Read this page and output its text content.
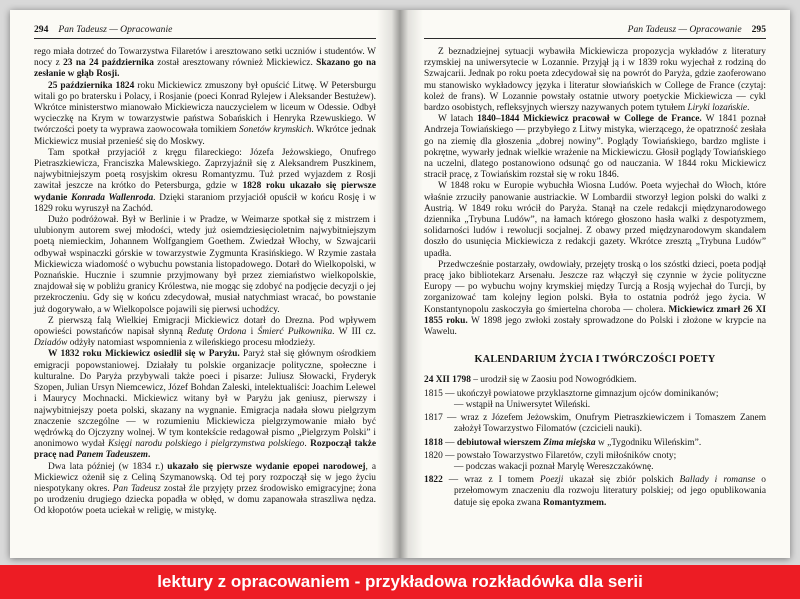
294 Pan Tadeusz — Opracowanie

rego miała dotrzeć do Towarzystwa Filaretów i aresztowano setki uczniów i studentów. W nocy z 23 na 24 października został aresztowany również Mickiewicz. Skazano go na zesłanie w głąb Rosji.

25 października 1824 roku Mickiewicz zmuszony był opuścić Litwę. W Petersburgu witali go po bratersku i Polacy, i Rosjanie (poeci Konrad Rylejew i Aleksander Bestużew). Wkrótce ministerstwo mianowało Mickiewicza nauczycielem w liceum w Odessie. Odbył wycieczkę na Krym w towarzystwie państwa Sobańskich i Henryka Rzewuskiego. W twórczości poety ta wyprawa zaowocowała tomikiem Sonetów krymskich. Wkrótce jednak Mickiewicz musiał przenieść się do Moskwy.

Tam spotkał przyjaciół z kręgu filareckiego: Józefa Jeżowskiego, Onufrego Pietraszkiewicza, Franciszka Malewskiego. Zaprzyjaźnił się z Aleksandrem Puszkinem, najwybitniejszym poetą rosyjskim okresu Romantyzmu. Tuż przed wyjazdem z Rosji zawitał jeszcze na krótko do Petersburga, gdzie w 1828 roku ukazało się pierwsze wydanie Konrada Wallenroda. Dzięki staraniom przyjaciół opuścił w końcu Rosję i w 1829 roku wyruszył na Zachód.

Dużo podróżował. Był w Berlinie i w Pradze, w Weimarze spotkał się z mistrzem i ulubionym autorem swej młodości, wtedy już osiemdziesięcioletnim najwybitniejszym poetą niemieckim, Johannem Wolfgangiem Goethem. Zwiedzał Włochy, w Szwajcarii odbywał wspinaczki górskie w towarzystwie Zygmunta Krasińskiego. W Rzymie zastała Mickiewicza wiadomość o wybuchu powstania listopadowego. Dotarł do Wielkopolski, w Poznańskie. Hucznie i szumnie przyjmowany był przez ziemiaństwo wielkopolskie, znajdował się w pobliżu granicy Królestwa, nie mogąc się zdobyć na podjęcie decyzji o jej przekroczeniu. Gdy się w końcu zdecydował, musiał natychmiast wracać, bo powstanie już dogorywało, a w Wielkopolsce pojawili się pierwsi uchodźcy.

Z pierwszą falą Wielkiej Emigracji Mickiewicz dotarł do Drezna. Pod wpływem opowieści powstańców napisał słynną Redutę Ordona i Śmierć Pułkownika. W III cz. Dziadów odżyły natomiast wspomnienia z wileńskiego procesu młodzieży.

W 1832 roku Mickiewicz osiedlił się w Paryżu. Paryż stał się głównym ośrodkiem emigracji popowstaniowej. Działały tu polskie organizacje polityczne, społeczne i kulturalne. Do Paryża przybywali także poeci i pisarze: Juliusz Słowacki, Fryderyk Szopen, Julian Ursyn Niemcewicz, Józef Bohdan Zaleski, intelektualiści: Joachim Lelewel i Maurycy Mochnacki. Mickiewicz witany był w Paryżu jak geniusz, pierwszy i najwybitniejszy poeta polski, skazany na wygnanie. Emigracja nadała słowu pielgrzym znaczenie szczególne — w rozumieniu Mickiewicza pielgrzymowanie miało być wędrówką do Ojczyzny wolnej. W tym kontekście redagował pismo „Pielgrzym Polski” i anonimowo wydał Księgi narodu polskiego i pielgrzymstwa polskiego. Rozpoczął także pracę nad Panem Tadeuszem.

Dwa lata później (w 1834 r.) ukazało się pierwsze wydanie epopei narodowej, a Mickiewicz ożenił się z Celiną Szymanowską. Od tej pory rozpoczął się w jego życiu niespotykany okres. Pan Tadeusz został źle przyjęty przez środowisko emigracyjne; żona po urodzeniu drugiego dziecka popadła w obłęd, w domu zapanowała straszliwa nędza. Od kłopotów poeta uciekał w religię, w mistykę.

Pan Tadeusz — Opracowanie 295

Z beznadziejnej sytuacji wybawiła Mickiewicza propozycja wykładów z literatury rzymskiej na uniwersytecie w Lozannie. Przyjął ją i w 1839 roku wyjechał z rodziną do Szwajcarii. Jednak po roku poeta zdecydował się na powrót do Paryża, gdzie zaoferowano mu stanowisko wykładowcy języka i literatur słowiańskich w College de France (czytaj: koleż de frans). W Lozannie powstały ostatnie utwory poetyckie Mickiewicza — cykl bardzo osobistych, refleksyjnych wierszy nazywanych potem tytułem Liryki lozańskie.

W latach 1840–1844 Mickiewicz pracował w College de France. W 1841 poznał Andrzeja Towiańskiego — przybyłego z Litwy mistyka, wierzącego, że opatrzność zesłała go na ziemię dla głoszenia „dobrej nowiny”. Poglądy Towiańskiego, bardzo mgliste i pokrętne, wywarły jednak wielkie wrażenie na Mickiewiczu. Głosił poglądy Towiańskiego na uczelni, dlatego postanowiono odsunąć go od nauczania. W 1844 roku Mickiewicz stracił pracę, z Towiańskim rozstał się w roku 1846.

W 1848 roku w Europie wybuchła Wiosna Ludów. Poeta wyjechał do Włoch, które właśnie zrzuciły panowanie austriackie. W Lombardii stworzył legion polski do walki z Austrią. W 1849 roku wrócił do Paryża. Stanął na czele redakcji międzynarodowego dziennika „Trybuna Ludów”, na łamach którego głoszono hasła walki z despotyzmem, solidarności ludów i rewolucji socjalnej. Z obawy przed międzynarodowym skandalem doszło do usunięcia Mickiewicza z redakcji gazety. Wkrótce zresztą „Trybuna Ludów” upadła.

Przedwcześnie postarzały, owdowiały, przejęty troską o los szóstki dzieci, poeta podjął pracę jako bibliotekarz Arsenału. Jeszcze raz włączył się czynnie w życie polityczne Europy — po wybuchu wojny krymskiej między Turcją a Rosją wyjechał do Turcji, by zorganizować tam kolejny legion polski. Była to ostatnia podróż jego życia. W Konstantynopolu zaskoczyła go śmiertelna choroba — cholera. Mickiewicz zmarł 26 XI 1855 roku. W 1898 jego zwłoki zostały sprowadzone do Polski i złożone w krypcie na Wawelu.

KALENDARIUM ŻYCIA I TWÓRCZOŚCI POETY

24 XII 1798 – urodził się w Zaosiu pod Nowogródkiem.

1815 — ukończył powiatowe przyklasztorne gimnazjum ojców dominikanów;

— wstąpił na Uniwersytet Wileński.

1817 — wraz z Józefem Jeżowskim, Onufrym Pietraszkiewiczem i Tomaszem Zanem założył Towarzystwo Filomatów (czcicieli nauki).

1818 — debiutował wierszem Zima miejska w „Tygodniku Wileńskim”.

1820 — powstało Towarzystwo Filaretów, czyli miłośników cnoty;

— podczas wakacji poznał Marylę Wereszczakównę.

1822 — wraz z I tomem Poezji ukazał się zbiór polskich Ballady i romanse o przełomowym znaczeniu dla rozwoju literatury polskiej; od jego opublikowania datuje się epoka zwana Romantyzmem.

lektury z opracowaniem - przykładowa rozkładówka dla serii
